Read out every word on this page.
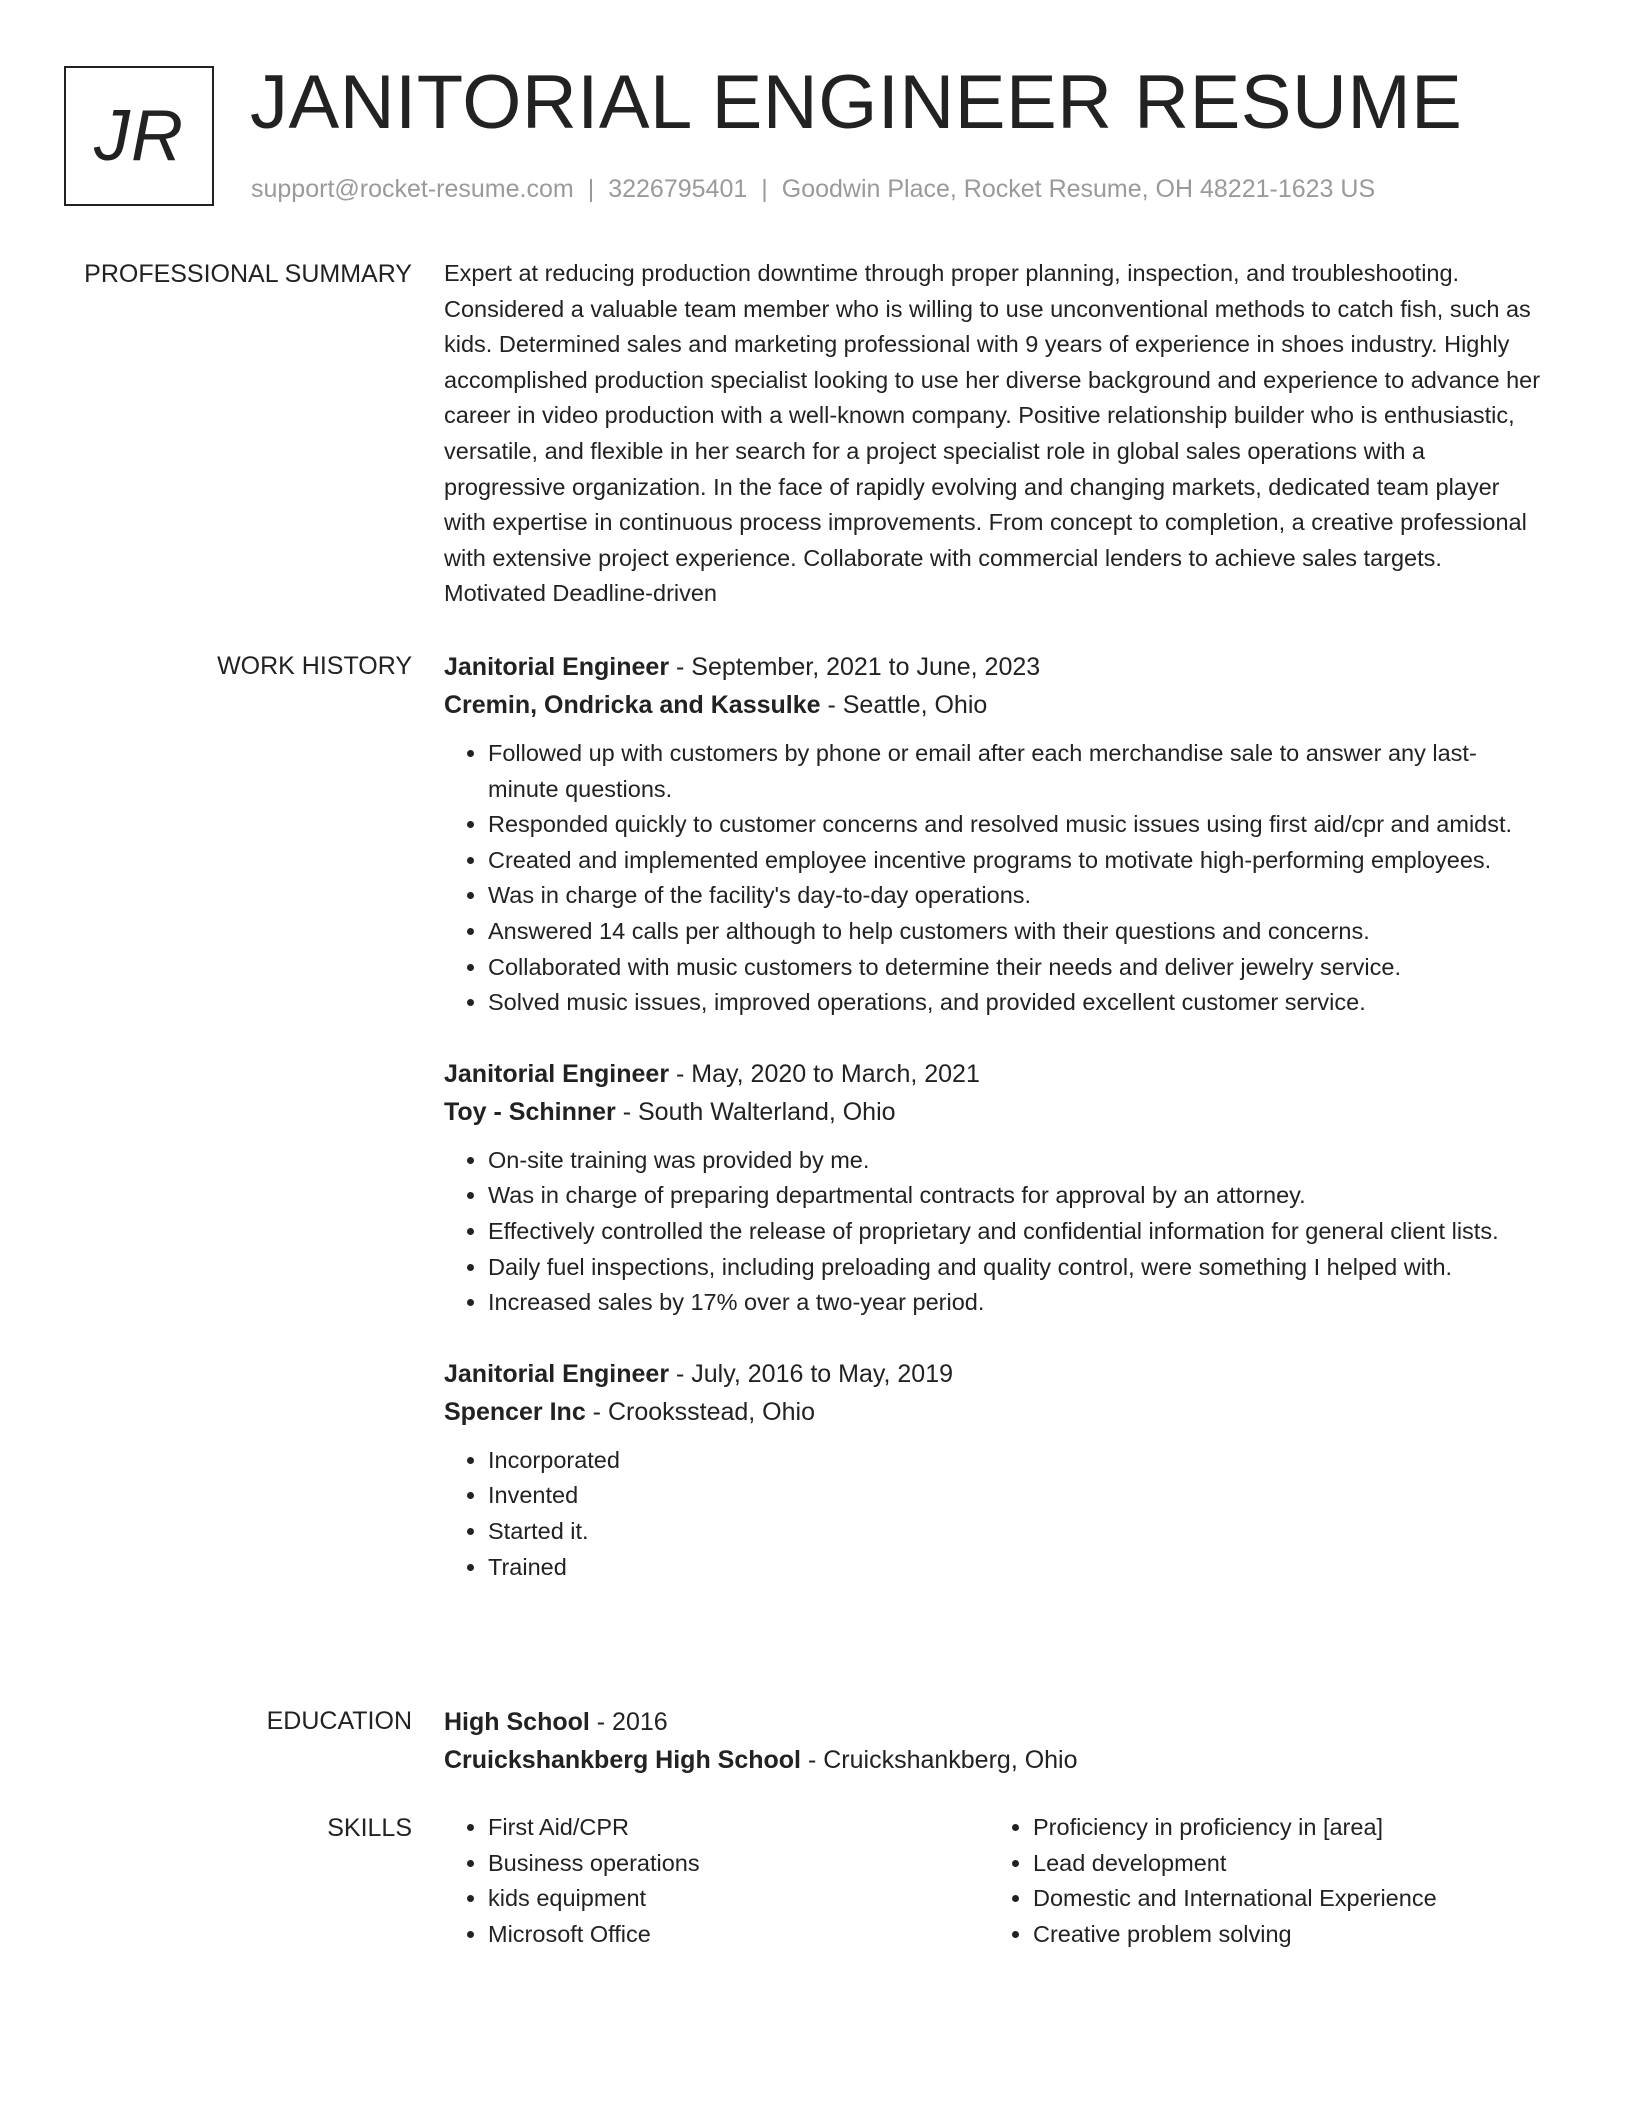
JR JANITORIAL ENGINEER RESUME
support@rocket-resume.com | 3226795401 | Goodwin Place, Rocket Resume, OH 48221-1623 US
PROFESSIONAL SUMMARY Expert at reducing production downtime through proper planning, inspection, and troubleshooting. Considered a valuable team member who is willing to use unconventional methods to catch fish, such as kids. Determined sales and marketing professional with 9 years of experience in shoes industry. Highly accomplished production specialist looking to use her diverse background and experience to advance her career in video production with a well-known company. Positive relationship builder who is enthusiastic, versatile, and flexible in her search for a project specialist role in global sales operations with a progressive organization. In the face of rapidly evolving and changing markets, dedicated team player with expertise in continuous process improvements. From concept to completion, a creative professional with extensive project experience. Collaborate with commercial lenders to achieve sales targets. Motivated Deadline-driven

WORK HISTORY Janitorial Engineer - September, 2021 to June, 2023
Cremin, Ondricka and Kassulke - Seattle, Ohio
• Followed up with customers by phone or email after each merchandise sale to answer any last-minute questions.
• Responded quickly to customer concerns and resolved music issues using first aid/cpr and amidst.
• Created and implemented employee incentive programs to motivate high-performing employees.
• Was in charge of the facility's day-to-day operations.
• Answered 14 calls per although to help customers with their questions and concerns.
• Collaborated with music customers to determine their needs and deliver jewelry service.
• Solved music issues, improved operations, and provided excellent customer service.
Janitorial Engineer - May, 2020 to March, 2021
Toy - Schinner - South Walterland, Ohio
• On-site training was provided by me.
• Was in charge of preparing departmental contracts for approval by an attorney.
• Effectively controlled the release of proprietary and confidential information for general client lists.
• Daily fuel inspections, including preloading and quality control, were something I helped with.
• Increased sales by 17% over a two-year period.
Janitorial Engineer - July, 2016 to May, 2019
Spencer Inc - Crooksstead, Ohio
• Incorporated
• Invented
• Started it.
• Trained
EDUCATION High School - 2016
Cruickshankberg High School - Cruickshankberg, Ohio
SKILLS
•	First Aid/CPR
• Business operations
• kids equipment
• Microsoft Office
• Proficiency in proficiency in [area]
• Lead development
• Domestic and International Experience
• Creative problem solving
